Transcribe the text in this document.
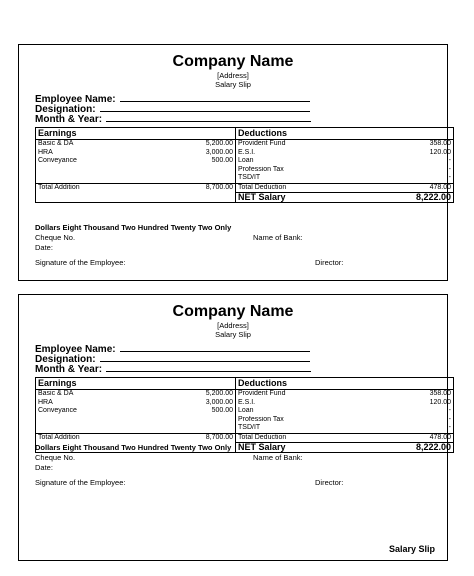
Company Name
[Address]
Salary Slip
Employee Name:
Designation:
Month & Year:
Earnings		Deductions	
Basic & DA	5,200.00	Provident Fund	358.00
HRA	3,000.00	E.S.I.	120.00
Conveyance	500.00	Loan	-
		Profession Tax	-
		TSD/IT	-
Total Addition	8,700.00	Total Deduction	478.00
		NET Salary	8,222.00
Dollars Eight Thousand Two Hundred Twenty Two Only
Cheque No.	Name of Bank:
Date:
Signature of the Employee:	Director:
Company Name
[Address]
Salary Slip
Employee Name:
Designation:
Month & Year:
Earnings		Deductions	
Basic & DA	5,200.00	Provident Fund	358.00
HRA	3,000.00	E.S.I.	120.00
Conveyance	500.00	Loan	-
		Profession Tax	-
		TSD/IT	-
Total Addition	8,700.00	Total Deduction	478.00
		NET Salary	8,222.00
Dollars Eight Thousand Two Hundred Twenty Two Only
Cheque No.	Name of Bank:
Date:
Signature of the Employee:	Director:
Salary Slip
